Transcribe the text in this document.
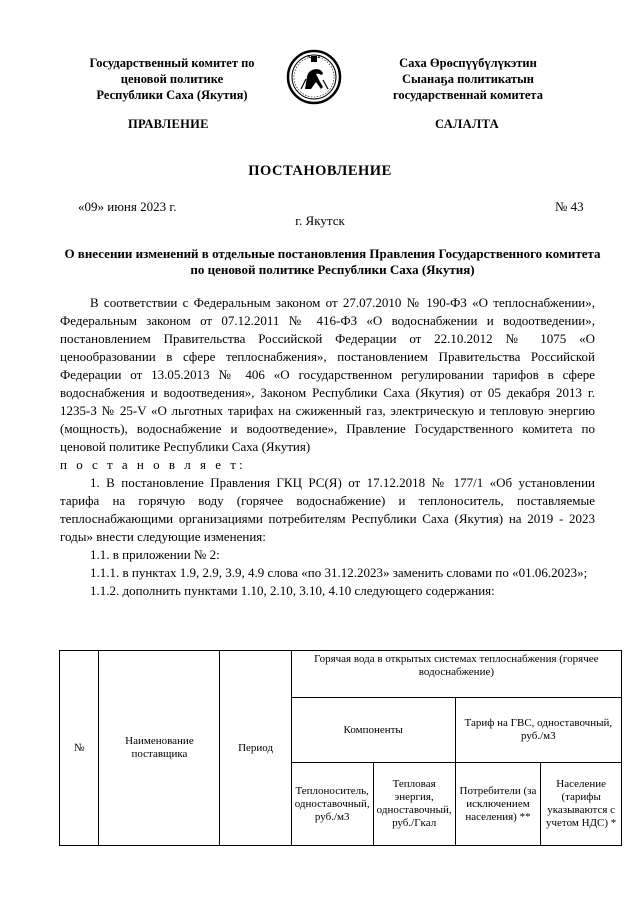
Государственный комитет по
ценовой политике
Республики Саха (Якутия)
Саха Өрөспүүбүлүкэтин
Сыанаҕа политикатын
государственнай комитета
ПРАВЛЕНИЕ	САЛАЛТА
ПОСТАНОВЛЕНИЕ
«09» июня 2023 г.	№ 43
г. Якутск
О внесении изменений в отдельные постановления Правления Государственного комитета по ценовой политике Республики Саха (Якутия)

В соответствии с Федеральным законом от 27.07.2010 № 190-ФЗ «О теплоснабжении», Федеральным законом от 07.12.2011 № 416-ФЗ «О водоснабжении и водоотведении», постановлением Правительства Российской Федерации от 22.10.2012 № 1075 «О ценообразовании в сфере теплоснабжения», постановлением Правительства Российской Федерации от 13.05.2013 № 406 «О государственном регулировании тарифов в сфере водоснабжения и водоотведения», Законом Республики Саха (Якутия) от 05 декабря 2013 г. 1235-З № 25-V «О льготных тарифах на сжиженный газ, электрическую и тепловую энергию (мощность), водоснабжение и водоотведение», Правление Государственного комитета по ценовой политике Республики Саха (Якутия)

п о с т а н о в л я е т:

1. В постановление Правления ГКЦ РС(Я) от 17.12.2018 № 177/1 «Об установлении тарифа на горячую воду (горячее водоснабжение) и теплоноситель, поставляемые теплоснабжающими организациями потребителям Республики Саха (Якутия) на 2019 - 2023 годы» внести следующие изменения:

1.1. в приложении № 2:

1.1.1. в пунктах 1.9, 2.9, 3.9, 4.9 слова «по 31.12.2023» заменить словами по «01.06.2023»;

1.1.2. дополнить пунктами 1.10, 2.10, 3.10, 4.10 следующего содержания:

№	Наименование поставщика	Период	Горячая вода в открытых системах теплоснабжения (горячее водоснабжение)			
			Компоненты		Тариф на ГВС, одноставочный, руб./м3	
			Теплоноситель, одноставочный, руб./м3	Тепловая энергия, одноставочный, руб./Гкал	Потребители (за исключением населения) **	Население (тарифы указываются с учетом НДС) *
